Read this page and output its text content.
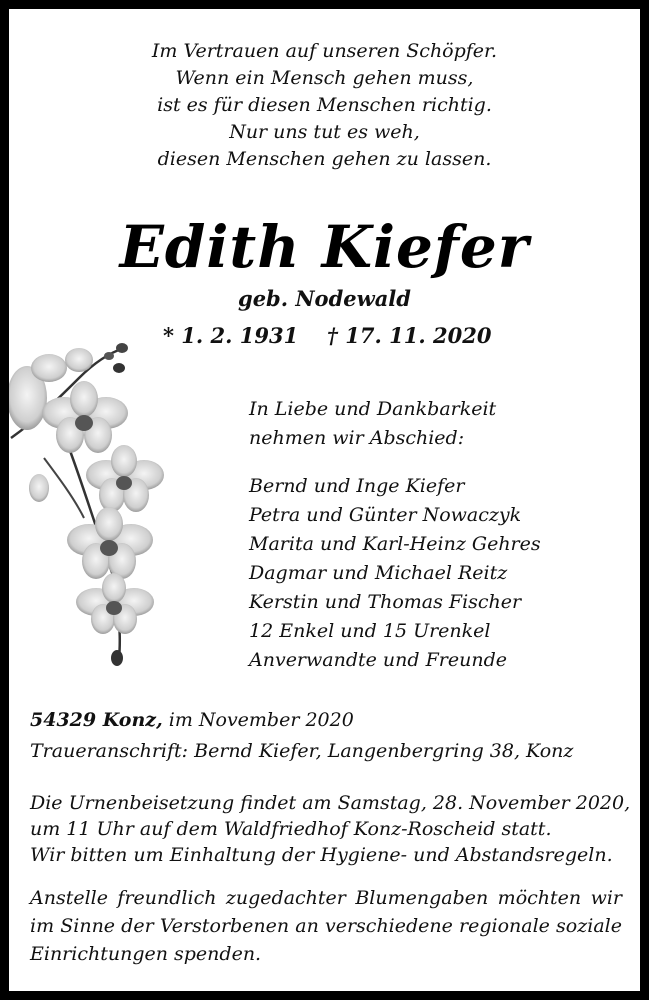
Im Vertrauen auf unseren Schöpfer.
Wenn ein Mensch gehen muss,
ist es für diesen Menschen richtig.
Nur uns tut es weh,
diesen Menschen gehen zu lassen.
Edith Kiefer
geb. Nodewald
* 1. 2. 1931 † 17. 11. 2020
In Liebe und Dankbarkeit
nehmen wir Abschied:
Bernd und Inge Kiefer
Petra und Günter Nowaczyk
Marita und Karl-Heinz Gehres
Dagmar und Michael Reitz
Kerstin und Thomas Fischer
12 Enkel und 15 Urenkel
Anverwandte und Freunde
54329 Konz, im November 2020
Traueranschrift: Bernd Kiefer, Langenbergring 38, Konz
Die Urnenbeisetzung findet am Samstag, 28. November 2020,
um 11 Uhr auf dem Waldfriedhof Konz-Roscheid statt.
Wir bitten um Einhaltung der Hygiene- und Abstandsregeln.
Anstelle freundlich zugedachter Blumengaben möchten wir im Sinne der Verstorbenen an verschiedene regionale soziale Einrichtungen spenden.
